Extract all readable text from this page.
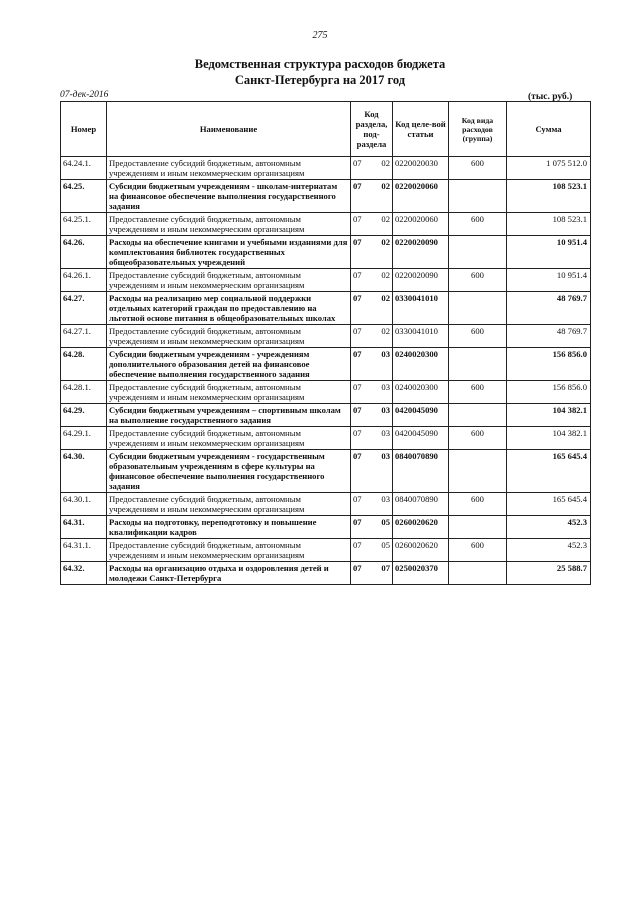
275
Ведомственная структура расходов бюджета
Санкт-Петербурга на 2017 год
07-дек-2016	(тыс. руб.)
Номер	Наименование	Код раздела, под-раздела	Код целе-вой статьи	Код вида расходов (группа)	Сумма
64.24.1.	Предоставление субсидий бюджетным, автономным учреждениям и иным некоммерческим организациям	07 02	0220020030	600	1 075 512.0
64.25.	Субсидии бюджетным учреждениям - школам-интернатам на финансовое обеспечение выполнения государственного задания	07 02	0220020060		108 523.1
64.25.1.	Предоставление субсидий бюджетным, автономным учреждениям и иным некоммерческим организациям	07 02	0220020060	600	108 523.1
64.26.	Расходы на обеспечение книгами и учебными изданиями для комплектования библиотек государственных общеобразовательных учреждений	07 02	0220020090		10 951.4
64.26.1.	Предоставление субсидий бюджетным, автономным учреждениям и иным некоммерческим организациям	07 02	0220020090	600	10 951.4
64.27.	Расходы на реализацию мер социальной поддержки отдельных категорий граждан по предоставлению на льготной основе питания в общеобразовательных школах	07 02	0330041010		48 769.7
64.27.1.	Предоставление субсидий бюджетным, автономным учреждениям и иным некоммерческим организациям	07 02	0330041010	600	48 769.7
64.28.	Субсидии бюджетным учреждениям - учреждениям дополнительного образования детей на финансовое обеспечение выполнения государственного задания	07 03	0240020300		156 856.0
64.28.1.	Предоставление субсидий бюджетным, автономным учреждениям и иным некоммерческим организациям	07 03	0240020300	600	156 856.0
64.29.	Субсидии бюджетным учреждениям – спортивным школам на выполнение государственного задания	07 03	0420045090		104 382.1
64.29.1.	Предоставление субсидий бюджетным, автономным учреждениям и иным некоммерческим организациям	07 03	0420045090	600	104 382.1
64.30.	Субсидии бюджетным учреждениям - государственным образовательным учреждениям в сфере культуры на финансовое обеспечение выполнения государственного задания	07 03	0840070890		165 645.4
64.30.1.	Предоставление субсидий бюджетным, автономным учреждениям и иным некоммерческим организациям	07 03	0840070890	600	165 645.4
64.31.	Расходы на подготовку, переподготовку и повышение квалификации кадров	07 05	0260020620		452.3
64.31.1.	Предоставление субсидий бюджетным, автономным учреждениям и иным некоммерческим организациям	07 05	0260020620	600	452.3
64.32.	Расходы на организацию отдыха и оздоровления детей и молодежи Санкт-Петербурга	07 07	0250020370		25 588.7
